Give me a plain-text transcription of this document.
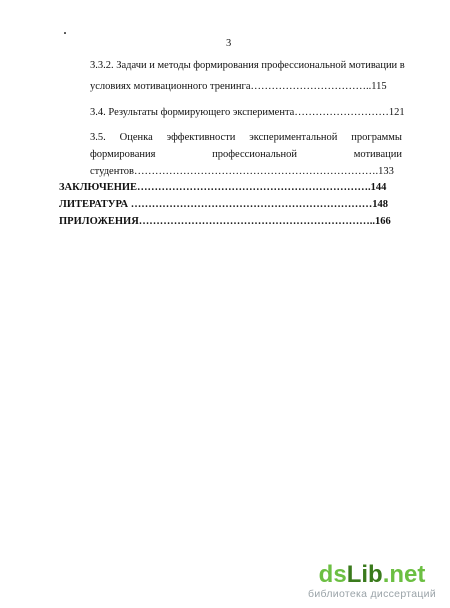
3
3.3.2. Задачи и методы формирования профессиональной мотивации в
условиях мотивационного тренинга……………………………..115
3.4. Результаты формирующего эксперимента………………………121
3.5. Оценка эффективности экспериментальной программы
формирования	профессиональной	мотивации
студентов…………………………………………………………….133
ЗАКЛЮЧЕНИЕ………………………………………………………….144
ЛИТЕРАТУРА ……………………………………………………………148
ПРИЛОЖЕНИЯ…………………………………………………………..166
dsLib.net
библиотека диссертаций
